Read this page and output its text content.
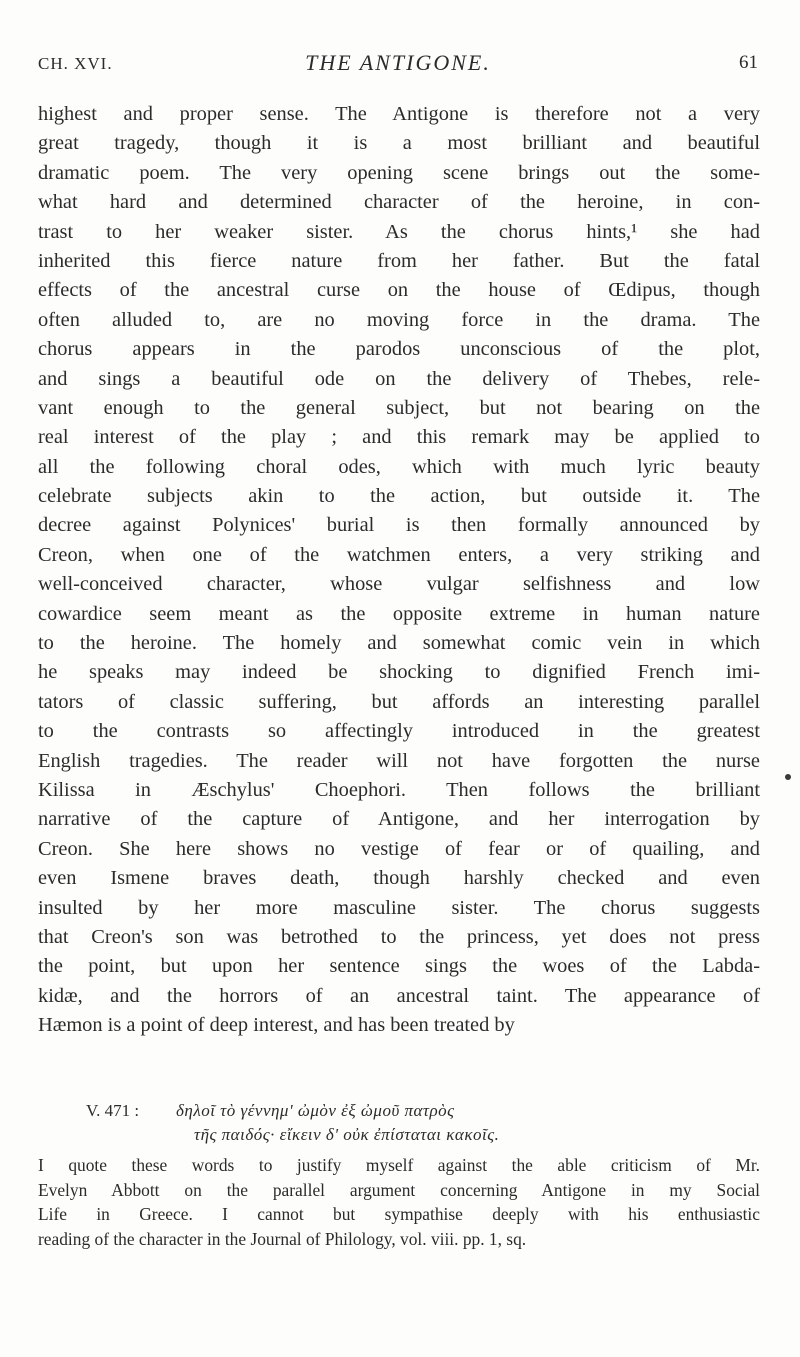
CH. XVI.	THE ANTIGONE.	61
highest and proper sense. The Antigone is therefore not a very
great tragedy, though it is a most brilliant and beautiful
dramatic poem. The very opening scene brings out the some-
what hard and determined character of the heroine, in con-
trast to her weaker sister. As the chorus hints,¹ she had
inherited this fierce nature from her father. But the fatal
effects of the ancestral curse on the house of Œdipus, though
often alluded to, are no moving force in the drama. The
chorus appears in the parodos unconscious of the plot,
and sings a beautiful ode on the delivery of Thebes, rele-
vant enough to the general subject, but not bearing on the
real interest of the play ; and this remark may be applied to
all the following choral odes, which with much lyric beauty
celebrate subjects akin to the action, but outside it. The
decree against Polynices' burial is then formally announced by
Creon, when one of the watchmen enters, a very striking and
well-conceived character, whose vulgar selfishness and low
cowardice seem meant as the opposite extreme in human nature
to the heroine. The homely and somewhat comic vein in which
he speaks may indeed be shocking to dignified French imi-
tators of classic suffering, but affords an interesting parallel
to the contrasts so affectingly introduced in the greatest
English tragedies. The reader will not have forgotten the nurse
Kilissa in Æschylus' Choephori. Then follows the brilliant
narrative of the capture of Antigone, and her interrogation by
Creon. She here shows no vestige of fear or of quailing, and
even Ismene braves death, though harshly checked and even
insulted by her more masculine sister. The chorus suggests
that Creon's son was betrothed to the princess, yet does not press
the point, but upon her sentence sings the woes of the Labda-
kidæ, and the horrors of an ancestral taint. The appearance of
Hæmon is a point of deep interest, and has been treated by
V. 471 : δηλοῖ τὸ γέννημ' ὠμὸν ἐξ ὠμοῦ πατρὸς
τῆς παιδός· εἴκειν δ' οὐκ ἐπίσταται κακοῖς.
I quote these words to justify myself against the able criticism of Mr.
Evelyn Abbott on the parallel argument concerning Antigone in my Social
Life in Greece. I cannot but sympathise deeply with his enthusiastic
reading of the character in the Journal of Philology, vol. viii. pp. 1, sq.
